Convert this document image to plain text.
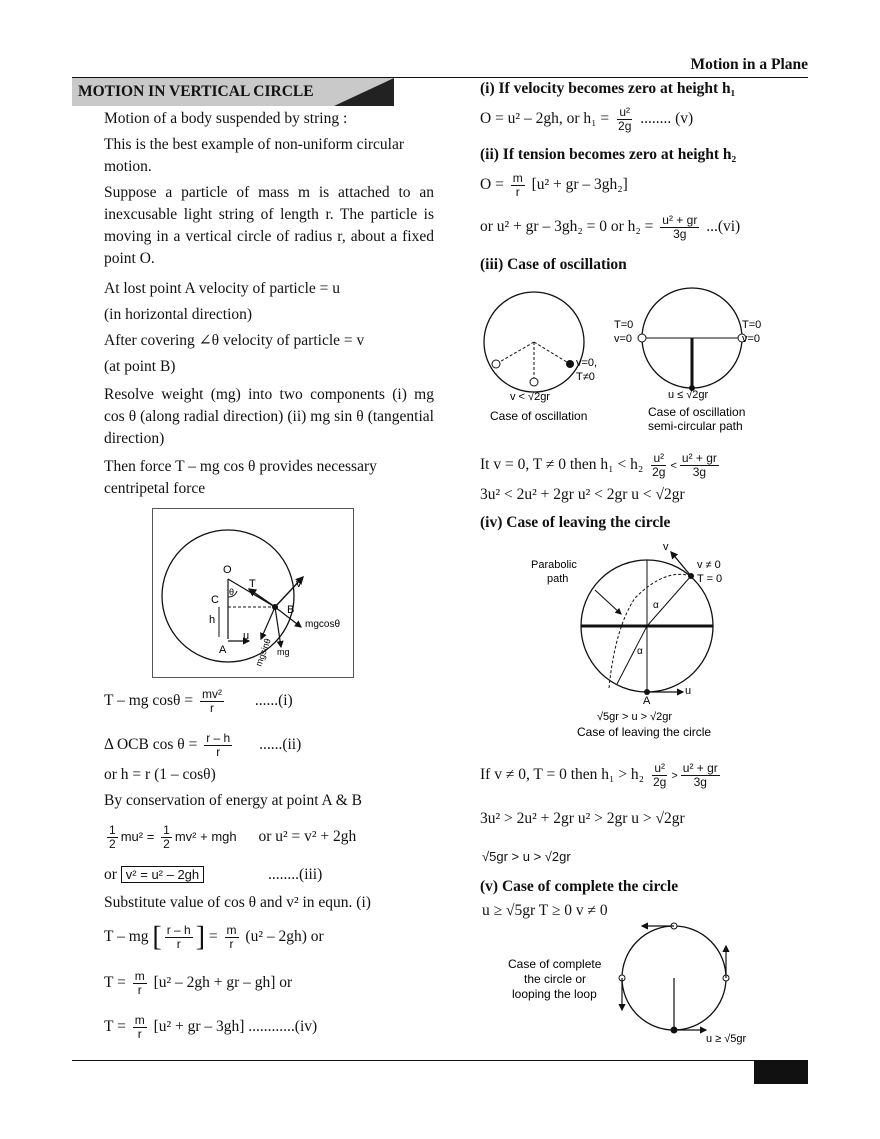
Motion in a Plane
MOTION IN VERTICAL CIRCLE
Motion of a body suspended by string :
This is the best example of non-uniform circular motion.
Suppose a particle of mass m is attached to an inexcusable light string of length r. The particle is moving in a vertical circle of radius r, about a fixed point O.
At lost point A velocity of particle = u
(in horizontal direction)
After covering ∠θ velocity of particle = v
(at point B)
Resolve weight (mg) into two components (i) mg cos θ (along radial direction) (ii) mg sin θ (tangential direction)
Then force T – mg cos θ provides necessary centripetal force
O
T
θ
v
C
B
h
u
A
mgcosθ
mg
mgsinθ
T – mg $\cos\theta = \frac{\text{mv²}}{r} ......(i)$
Δ OCB $\cos \theta = \frac{r - h}{r} ......(ii)$
or h = r (1 – cosθ)
By conservation of energy at point A & B
$\frac{1}{2} mu^2 = \frac{1}{2} mv^2$ + mgh or u² = v² + 2gh
or v² = u² – 2gh	........(iii)
Substitute value of cos θ and v² in equn. (i)
T – mg [ $\frac{r - h}{r}$ ] = $\frac{m}{r} (u^2 - 2gh)$ or
$T = \frac{m}{r} [u^2 - 2gh$ + gr – gh] or
$T = \frac{m}{r} [u^2$ + gr – 3gh] ............(iv)
(i) If velocity becomes zero at height h₁
O = u² – 2gh, or $h_1 = \frac{\text{u²}}{2g}$ ........ (v)
(ii) If tension becomes zero at height h₂
$O = \frac{m}{r} [u^2$ + gr – 3gh₂]
or u² + gr – 3gh₂ = 0 or $h_2 = \frac{\text{u² + gr}}{3g} ...(vi)$
(iii) Case of oscillation
v=0,
T≠0
v < √2gr
Case of oscillation
T=0
v=0
T=0
v=0
u ≤ √2gr
Case of oscillation
semi-circular path
It v = 0, T ≠ 0 then $h_1 < h_2 \frac{\text{u²}}{2g} < \frac{\text{u² + gr}}{3g}$
3u² < 2u² + 2gr u² < 2gr u < √2gr
(iv) Case of leaving the circle
Parabolic
path
v
v ≠ 0
T = 0
α
α
A
u
√5gr > u > √2gr
Case of leaving the circle
If v ≠ 0, T = 0 then $h_1 > h_2 \frac{\text{u²}}{2g} > \frac{\text{u² + gr}}{3g}$
3u² > 2u² + 2gr u² > 2gr u > √2gr
√5gr > u > √2gr
(v) Case of complete the circle
u ≥ √5gr T ≥ 0 v ≠ 0
Case of complete
the circle or
looping the loop
u ≥ √5gr
